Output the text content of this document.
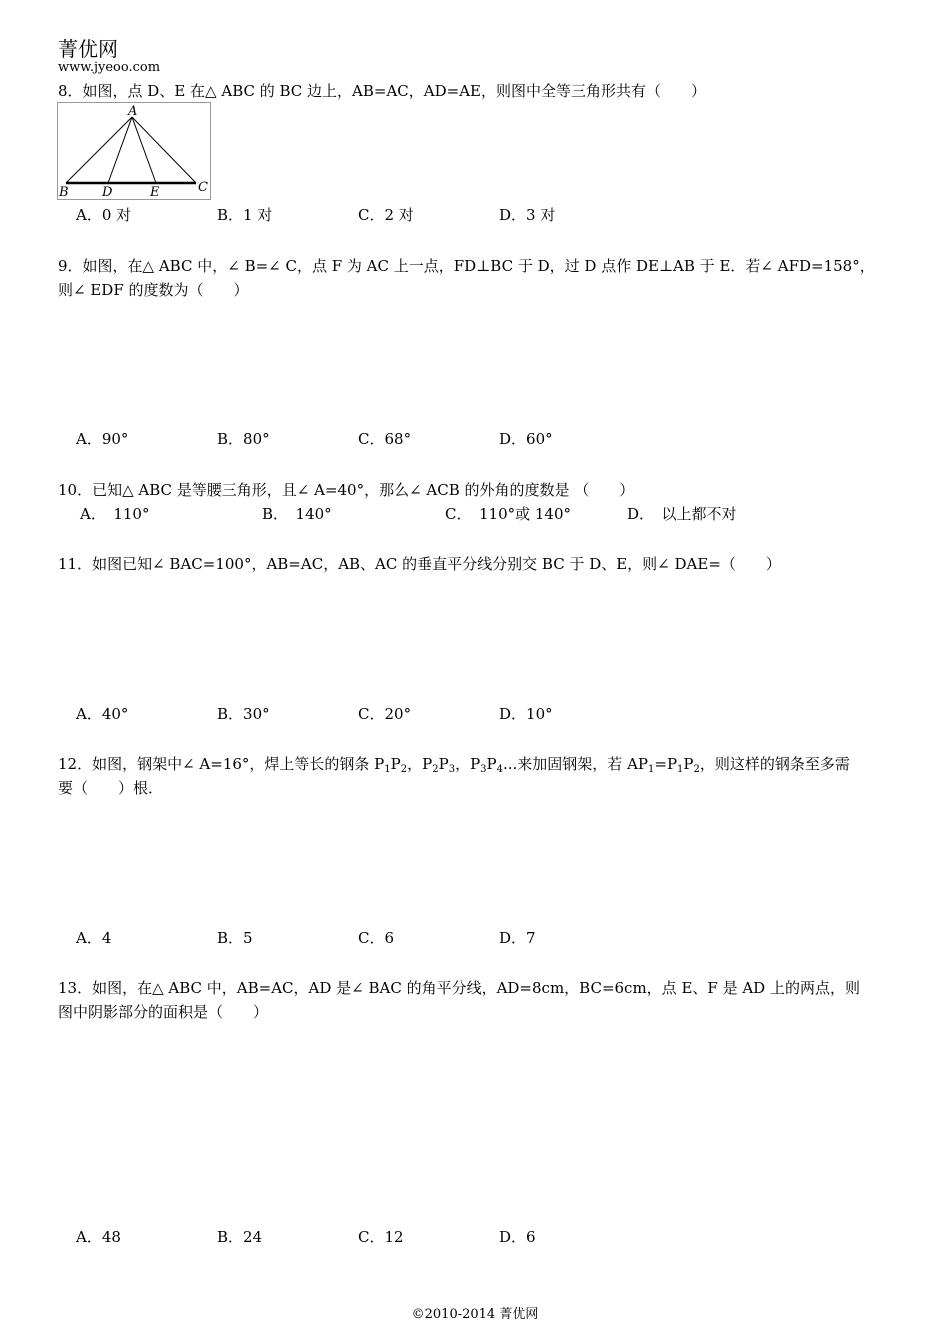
菁优网
www.jyeoo.com
8．如图，点 D、E 在△ ABC 的 BC 边上，AB=AC，AD=AE，则图中全等三角形共有（　　）
A
B	D	E	C
A．0 对	B．1 对	C．2 对	D．3 对
9．如图，在△ ABC 中，∠ B=∠ C，点 F 为 AC 上一点，FD⊥BC 于 D，过 D 点作 DE⊥AB 于 E．若∠ AFD=158°，
则∠ EDF 的度数为（　　）
A．90°	B．80°	C．68°	D．60°
10．已知△ ABC 是等腰三角形，且∠ A=40°，那么∠ ACB 的外角的度数是 （　　）
A．　110°	B．　140°	C．　110°或 140°	D．　以上都不对
11．如图已知∠ BAC=100°，AB=AC，AB、AC 的垂直平分线分别交 BC 于 D、E，则∠ DAE=（　　）
A．40°	B．30°	C．20°	D．10°
12．如图，钢架中∠ A=16°，焊上等长的钢条 $P_1P_2$，$P_2P_3$，$P_3P_4$...来加固钢架，若 $AP_1=P_1P_2$，则这样的钢条至多需
要（　　）根．
A．4	B．5	C．6	D．7
13．如图，在△ ABC 中，AB=AC，AD 是∠ BAC 的角平分线，AD=8cm，BC=6cm，点 E、F 是 AD 上的两点，则
图中阴影部分的面积是（　　）
A．48	B．24	C．12	D．6
©2010-2014 菁优网
